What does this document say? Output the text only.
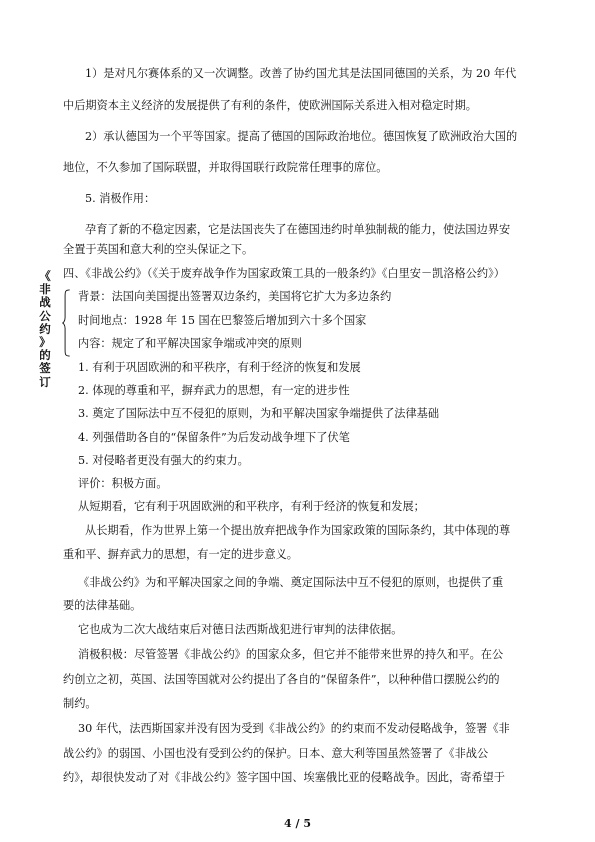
1）是对凡尔赛体系的又一次调整。改善了协约国尤其是法国同德国的关系，为 20 年代
中后期资本主义经济的发展提供了有利的条件，使欧洲国际关系进入相对稳定时期。
2）承认德国为一个平等国家。提高了德国的国际政治地位。德国恢复了欧洲政治大国的
地位，不久参加了国际联盟，并取得国联行政院常任理事的席位。
5. 消极作用：
孕育了新的不稳定因素，它是法国丧失了在德国违约时单独制裁的能力，使法国边界安
全置于英国和意大利的空头保证之下。
四、《非战公约》（《关于废弃战争作为国家政策工具的一般条约》《白里安－凯洛格公约》）
《
非
战
公
约
》
的
签
订
背景：法国向美国提出签署双边条约，美国将它扩大为多边条约
时间地点：1928 年 15 国在巴黎签后增加到六十多个国家
内容：规定了和平解决国家争端或冲突的原则
1. 有利于巩固欧洲的和平秩序，有利于经济的恢复和发展
2. 体现的尊重和平，摒弃武力的思想，有一定的进步性
3. 奠定了国际法中互不侵犯的原则，为和平解决国家争端提供了法律基础
4. 列强借助各自的“保留条件”为后发动战争埋下了伏笔
5. 对侵略者更没有强大的约束力。
评价：积极方面。
从短期看，它有利于巩固欧洲的和平秩序，有利于经济的恢复和发展；
从长期看，作为世界上第一个提出放弃把战争作为国家政策的国际条约，其中体现的尊
重和平、摒弃武力的思想，有一定的进步意义。
《非战公约》为和平解决国家之间的争端、奠定国际法中互不侵犯的原则，也提供了重
要的法律基础。
它也成为二次大战结束后对德日法西斯战犯进行审判的法律依据。
消极积极：尽管签署《非战公约》的国家众多，但它并不能带来世界的持久和平。在公
约创立之初，英国、法国等国就对公约提出了各自的“保留条件”，以种种借口摆脱公约的
制约。
30 年代，法西斯国家并没有因为受到《非战公约》的约束而不发动侵略战争，签署《非
战公约》的弱国、小国也没有受到公约的保护。日本、意大利等国虽然签署了《非战公
约》，却很快发动了对《非战公约》签字国中国、埃塞俄比亚的侵略战争。因此，寄希望于
4 / 5
